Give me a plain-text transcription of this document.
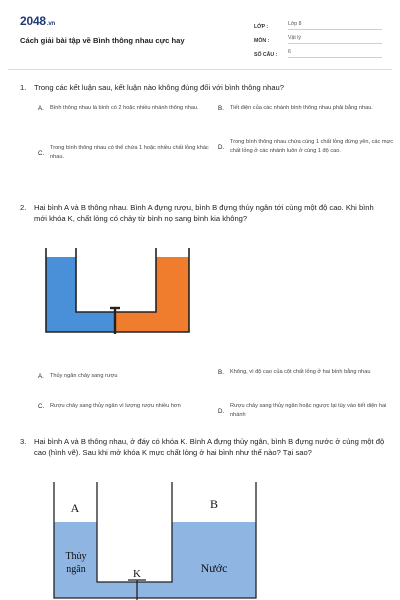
2048.vn
Cách giải bài tập về Bình thông nhau cực hay
LỚP :	Lớp 8
MÔN :	Vật lý
SỐ CÂU :	6
1.	Trong các kết luận sau, kết luận nào không đúng đối với bình thông nhau?
A.	Bình thông nhau là bình có 2 hoặc nhiều nhánh thông nhau.	B.	Tiết diện của các nhánh bình thông nhau phải bằng nhau.
C.
Trong bình thông nhau có thể chứa 1 hoặc nhiều chất lỏng khác nhau.
D.
Trong bình thông nhau chứa cùng 1 chất lỏng đứng yên, các mực chất lỏng ở các nhánh luôn ở cùng 1 độ cao.
2.	Hai bình A và B thông nhau. Bình A đựng rượu, bình B đựng thủy ngân tới cùng một độ cao. Khi bình mới khóa K, chất lỏng có chảy từ bình nọ sang bình kia không?
A.	Thủy ngân chảy sang rượu	B.	Không, vì độ cao của cột chất lỏng ở hai bình bằng nhau
C.	Rượu chảy sang thủy ngân vì lượng rượu nhiều hơn
D.
Rượu chảy sang thủy ngân hoặc ngược lại tùy vào tiết diện hai nhánh
3.	Hai bình A và B thông nhau, ở đáy có khóa K. Bình A đựng thủy ngân, bình B đựng nước ở cùng một độ cao (hình vẽ). Sau khi mở khóa K mực chất lỏng ở hai bình như thế nào? Tại sao?
A	B
Thủy
ngân	K	Nước
